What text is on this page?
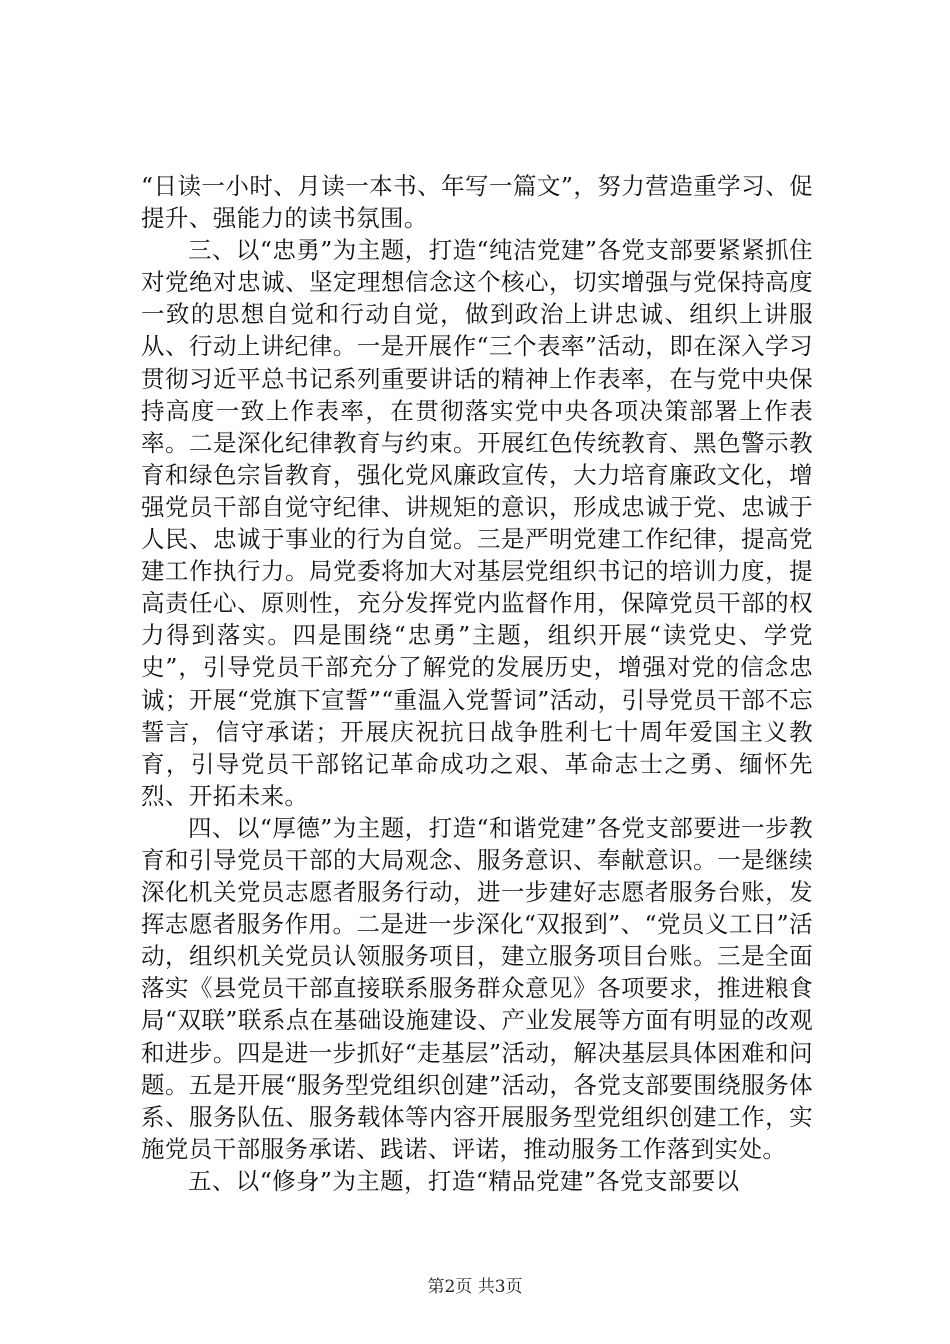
“日读一小时、月读一本书、年写一篇文”，努力营造重学习、促提升、强能力的读书氛围。

三、以“忠勇”为主题，打造“纯洁党建”各党支部要紧紧抓住对党绝对忠诚、坚定理想信念这个核心，切实增强与党保持高度一致的思想自觉和行动自觉，做到政治上讲忠诚、组织上讲服从、行动上讲纪律。一是开展作“三个表率”活动，即在深入学习贯彻习近平总书记系列重要讲话的精神上作表率，在与党中央保持高度一致上作表率，在贯彻落实党中央各项决策部署上作表率。二是深化纪律教育与约束。开展红色传统教育、黑色警示教育和绿色宗旨教育，强化党风廉政宣传，大力培育廉政文化，增强党员干部自觉守纪律、讲规矩的意识，形成忠诚于党、忠诚于人民、忠诚于事业的行为自觉。三是严明党建工作纪律，提高党建工作执行力。局党委将加大对基层党组织书记的培训力度，提高责任心、原则性，充分发挥党内监督作用，保障党员干部的权力得到落实。四是围绕“忠勇”主题，组织开展“读党史、学党史”，引导党员干部充分了解党的发展历史，增强对党的信念忠诚；开展“党旗下宣誓”“重温入党誓词”活动，引导党员干部不忘誓言，信守承诺；开展庆祝抗日战争胜利七十周年爱国主义教育，引导党员干部铭记革命成功之艰、革命志士之勇、缅怀先烈、开拓未来。

四、以“厚德”为主题，打造“和谐党建”各党支部要进一步教育和引导党员干部的大局观念、服务意识、奉献意识。一是继续深化机关党员志愿者服务行动，进一步建好志愿者服务台账，发挥志愿者服务作用。二是进一步深化“双报到”、“党员义工日”活动，组织机关党员认领服务项目，建立服务项目台账。三是全面落实《县党员干部直接联系服务群众意见》各项要求，推进粮食局“双联”联系点在基础设施建设、产业发展等方面有明显的改观和进步。四是进一步抓好“走基层”活动，解决基层具体困难和问题。五是开展“服务型党组织创建”活动，各党支部要围绕服务体系、服务队伍、服务载体等内容开展服务型党组织创建工作，实施党员干部服务承诺、践诺、评诺，推动服务工作落到实处。

五、以“修身”为主题，打造“精品党建”各党支部要以

第2页 共3页
